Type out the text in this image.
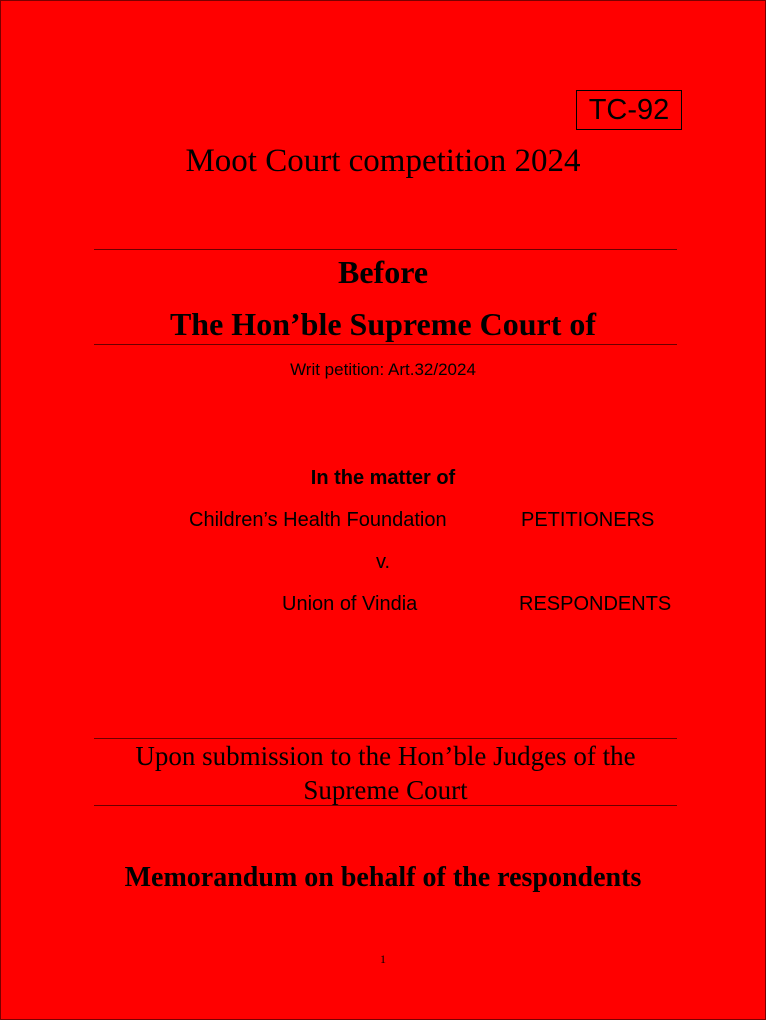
TC-92
Moot Court competition 2024
Before
The Hon’ble Supreme Court of
Writ petition: Art.32/2024
In the matter of
Children’s Health Foundation	PETITIONERS
v.
Union of Vindia	RESPONDENTS
Upon submission to the Hon’ble Judges of the Supreme Court
Memorandum on behalf of the respondents
1
